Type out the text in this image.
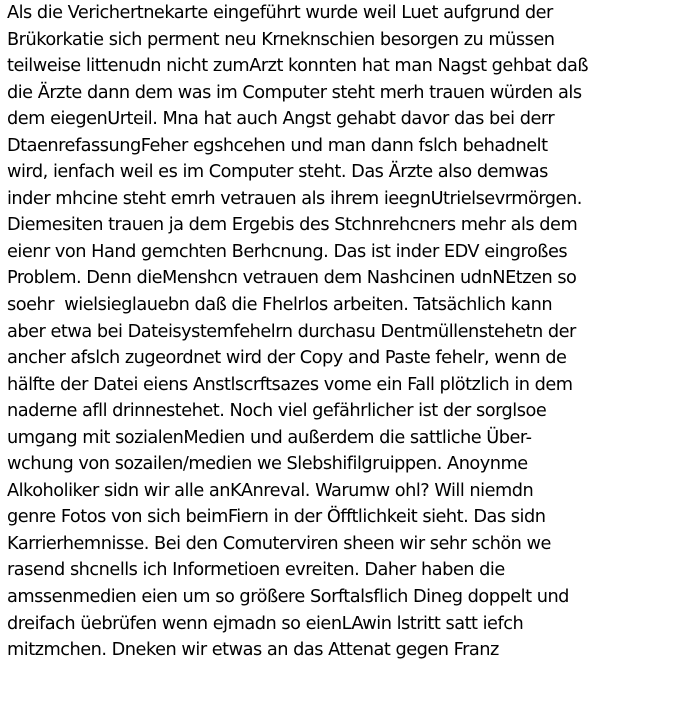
Als die Verichertnekarte eingeführt wurde weil Luet aufgrund der
Brükorkatie sich perment neu Krneknschien besorgen zu müssen
teilweise littenudn nicht zumArzt konnten hat man Nagst gehbat daß
die Ärzte dann dem was im Computer steht merh trauen würden als
dem eiegenUrteil. Mna hat auch Angst gehabt davor das bei derr
DtaenrefassungFeher egshcehen und man dann fslch behadnelt
wird, ienfach weil es im Computer steht. Das Ärzte also demwas
inder mhcine steht emrh vetrauen als ihrem ieegnUtrielsevrmörgen.
Diemesiten trauen ja dem Ergebis des Stchnrehcners mehr als dem
eienr von Hand gemchten Berhcnung. Das ist inder EDV eingroßes
Problem. Denn dieMenshcn vetrauen dem Nashcinen udnNEtzen so
soehr  wielsieglauebn daß die Fhelrlos arbeiten. Tatsächlich kann
aber etwa bei Dateisystemfehelrn durchasu Dentmüllenstehetn der
ancher afslch zugeordnet wird der Copy and Paste fehelr, wenn de
hälfte der Datei eiens Anstlscrftsazes vome ein Fall plötzlich in dem
naderne afll drinnestehet. Noch viel gefährlicher ist der sorglsoe
umgang mit sozialenMedien und außerdem die sattliche Über-
wchung von sozailen/medien we Slebshifilgruippen. Anoynme
Alkoholiker sidn wir alle anKAnreval. Warumw ohl? Will niemdn
genre Fotos von sich beimFiern in der Öfftlichkeit sieht. Das sidn
Karrierhemnisse. Bei den Comuterviren sheen wir sehr schön we
rasend shcnells ich Informetioen evreiten. Daher haben die
amssenmedien eien um so größere Sorftalsflich Dineg doppelt und
dreifach üebrüfen wenn ejmadn so eienLAwin lstritt satt iefch
mitzmchen. Dneken wir etwas an das Attenat gegen Franz
